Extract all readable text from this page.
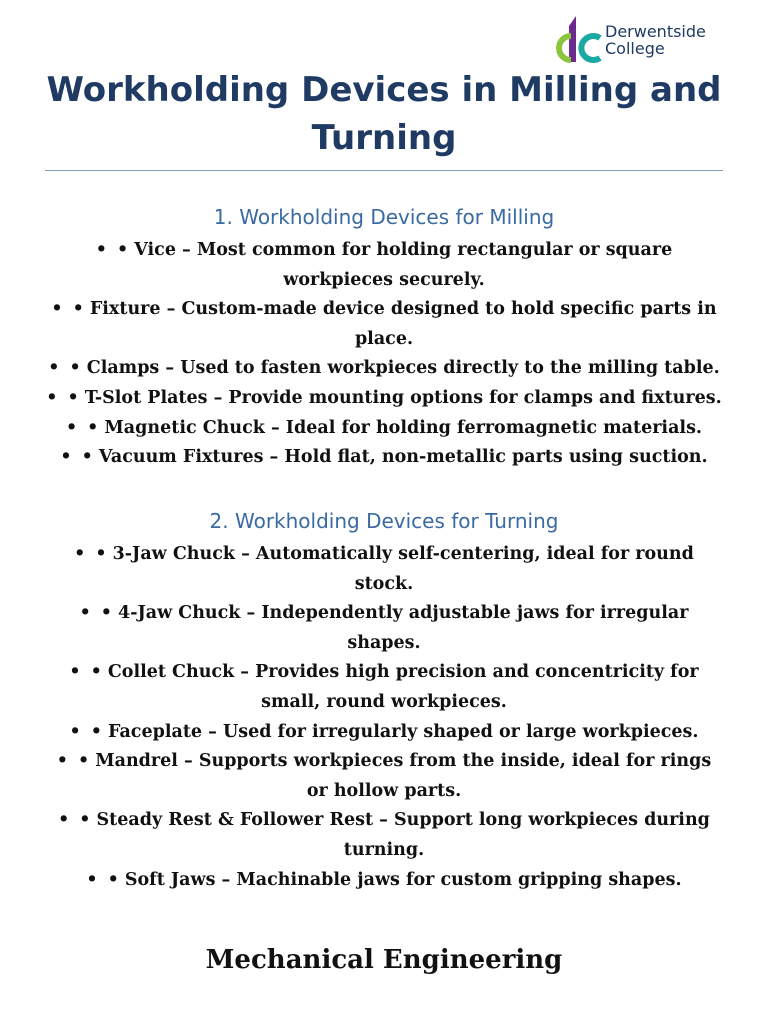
Derwentside
College
Workholding Devices in Milling and Turning
1. Workholding Devices for Milling
• • Vice – Most common for holding rectangular or square workpieces securely.
• • Fixture – Custom-made device designed to hold specific parts in place.
• • Clamps – Used to fasten workpieces directly to the milling table.
• • T-Slot Plates – Provide mounting options for clamps and fixtures.
• • Magnetic Chuck – Ideal for holding ferromagnetic materials.
• • Vacuum Fixtures – Hold flat, non-metallic parts using suction.
2. Workholding Devices for Turning
• • 3-Jaw Chuck – Automatically self-centering, ideal for round stock.
• • 4-Jaw Chuck – Independently adjustable jaws for irregular shapes.
• • Collet Chuck – Provides high precision and concentricity for small, round workpieces.
• • Faceplate – Used for irregularly shaped or large workpieces.
• • Mandrel – Supports workpieces from the inside, ideal for rings or hollow parts.
• • Steady Rest & Follower Rest – Support long workpieces during turning.
• • Soft Jaws – Machinable jaws for custom gripping shapes.
Mechanical Engineering
